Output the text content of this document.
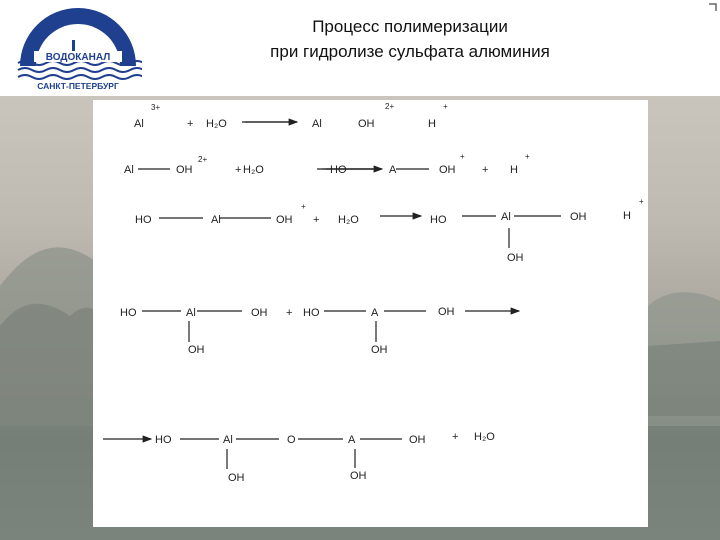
ВОДОКАНАЛ
САНКТ-ПЕТЕРБУРГ
Процесс полимеризации
при гидролизе сульфата алюминия
Al
3+
+ H₂O	Al	OH
2+
H
+
Al	OH
2+
+ H₂O	HO	A	OH
+
+ H
+
HO	Al	OH
+
+ H₂O	HO	Al	OH
OH
H
+
HO	Al	OH
OH
+ HO	A	OH
OH
HO	Al	O	A	OH + H₂O
OH	OH
